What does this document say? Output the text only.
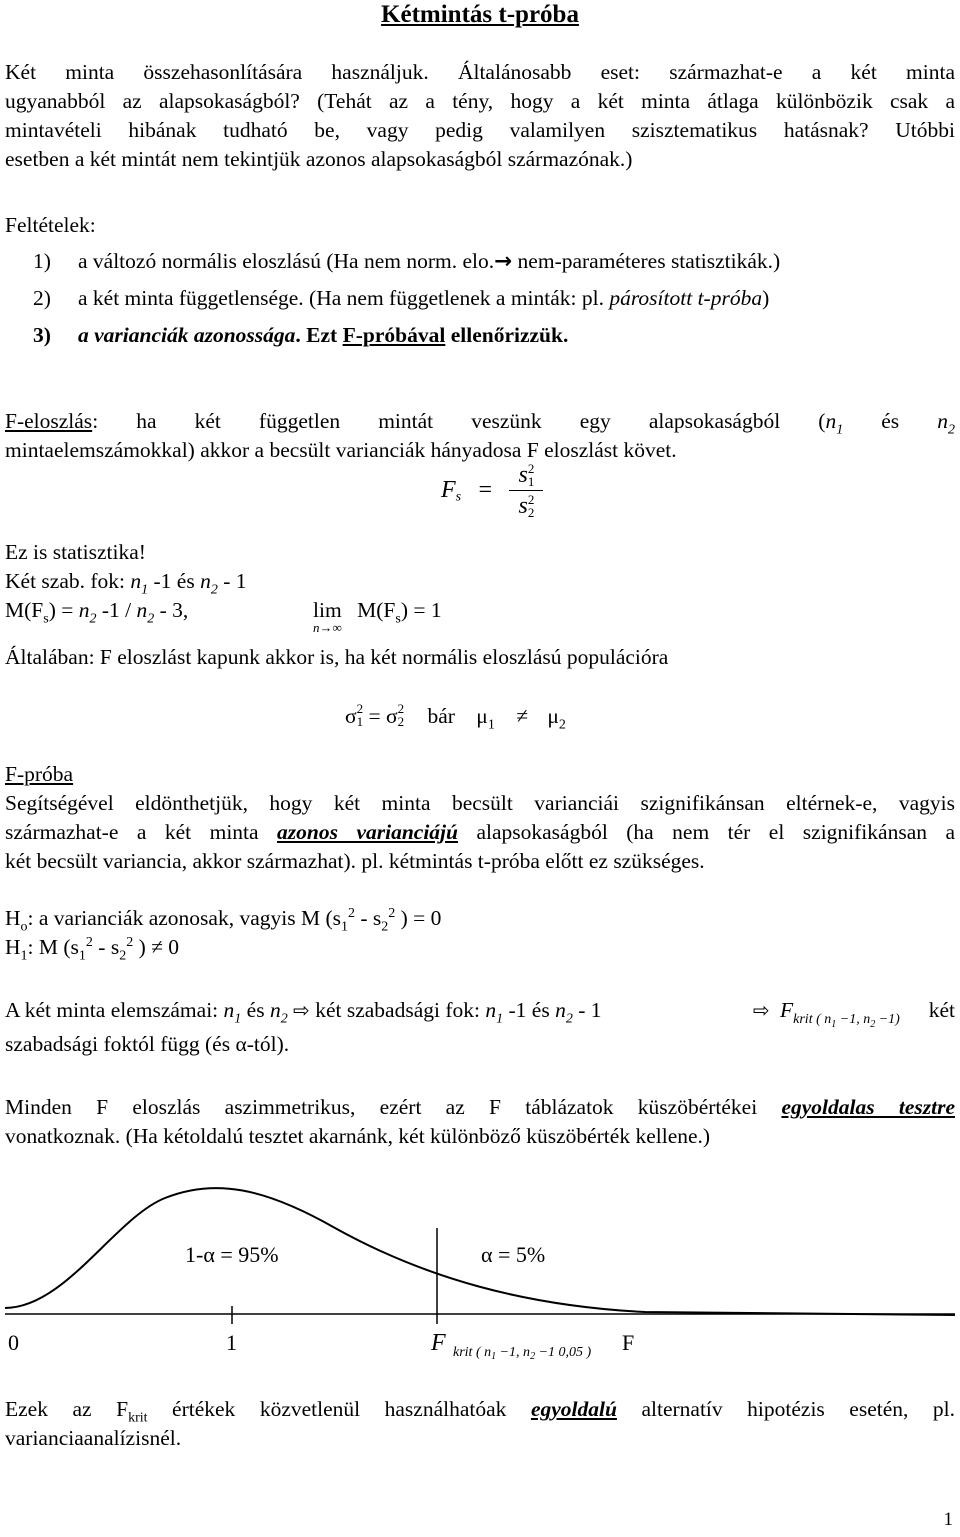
Kétmintás t-próba

Két minta összehasonlítására használjuk. Általánosabb eset: származhat-e a két minta

ugyanabból az alapsokaságból? (Tehát az a tény, hogy a két minta átlaga különbözik csak a

mintavételi hibának tudható be, vagy pedig valamilyen szisztematikus hatásnak? Utóbbi

esetben a két mintát nem tekintjük azonos alapsokaságból származónak.)

Feltételek:

1) a változó normális eloszlású (Ha nem norm. elo.→ nem-paraméteres statisztikák.)

2) a két minta függetlensége. (Ha nem függetlenek a minták: pl. párosított t-próba)

3) a varianciák azonossága. Ezt F-próbával ellenőrizzük.

F-eloszlás: ha két független mintát veszünk egy alapsokaságból ($n_1$ és $n_2$

mintaelemszámokkal) akkor a becsült varianciák hányadosa F eloszlást követ.

$F_s = s$ 2
1
s 2
2

Ez is statisztika!

Két szab. fok: $n_1$ -1 és $n_2 - 1$

$M(F_s) = n_2$ $-1 / n_2 - 3$,	lim
n→∞
$M(F_s) = 1$

Általában: F eloszlást kapunk akkor is, ha két normális eloszlású populációra

σ 2
1 = σ 2
2 bár $\mu_1 \ne \mu_2$

F-próba

Segítségével eldönthetjük, hogy két minta becsült varianciái szignifikánsan eltérnek-e, vagyis

származhat-e a két minta azonos varianciájú alapsokaságból (ha nem tér el szignifikánsan a

két becsült variancia, akkor származhat). pl. kétmintás t-próba előtt ez szükséges.

$H_o$: a varianciák azonosak, vagyis M ($s_1^2 - s_2^2$ ) = 0

$H_1$: M ($s_1^2 - s_2^2$ ) ≠ 0

A két minta elemszámai: $n_1$ és $n_2$ ⇨ két szabadsági fok: $n_1$ -1 és $n_2 - 1$	⇨ $F_{krit ( n_1 -1, n_2 -1)}$ két

szabadsági foktól függ (és α-tól).

Minden F eloszlás aszimmetrikus, ezért az F táblázatok küszöbértékei egyoldalas tesztre

vonatkoznak. (Ha kétoldalú tesztet akarnánk, két különböző küszöbérték kellene.)

1-α = 95%	α = 5%
0	1	F krit ( $n_1 -1$, $n_2 -1$ 0,05 ) F

Ezek az $F_{krit}$ értékek közvetlenül használhatóak egyoldalú alternatív hipotézis esetén, pl.

varianciaanalízisnél.

1
